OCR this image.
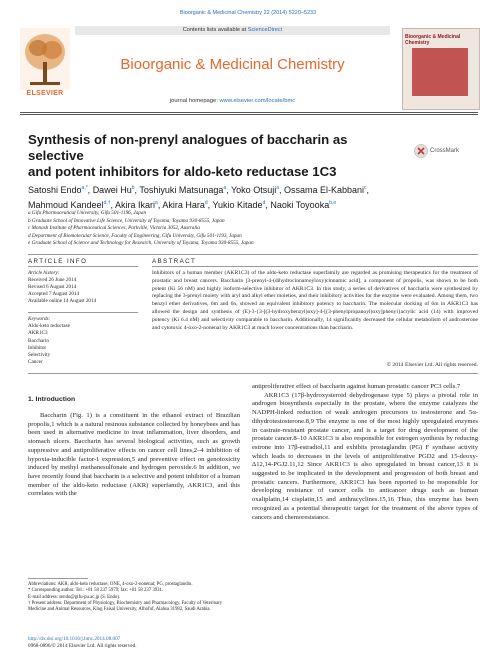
Bioorganic & Medicinal Chemistry 22 (2014) 5220–5233
Contents lists available at ScienceDirect
ELSEVIER
Bioorganic & Medicinal Chemistry
journal homepage: www.elsevier.com/locate/bmc
Bioorganic & Medicinal Chemistry
Synthesis of non-prenyl analogues of baccharin as selective
and potent inhibitors for aldo-keto reductase 1C3
CrossMark
Satoshi Endo$^{a,*}$, Dawei Hu$^b$, Toshiyuki Matsunaga$^a$, Yoko Otsuji$^a$, Ossama El-Kabbani$^c$,
Mahmoud Kandeel$^{d,\dagger}$, Akira Ikari$^a$, Akira Hara$^d$, Yukio Kitade$^d$, Naoki Toyooka$^{b,e}$
a Gifu Pharmaceutical University, Gifu 501-1196, Japan
b Graduate School of Innovative Life Science, University of Toyama, Toyama 930-8555, Japan
c Monash Institute of Pharmaceutical Sciences, Parkville, Victoria 3052, Australia
d Department of Biomolecular Science, Faculty of Engineering, Gifu University, Gifu 501-1193, Japan
e Graduate School of Science and Technology for Research, University of Toyama, Toyama 930-8555, Japan
ARTICLE INFO	ABSTRACT
Article history:
Received 26 June 2014
Revised 6 August 2014
Accepted 7 August 2014
Available online 14 August 2014
Keywords:
Aldo-keto reductase
AKR1C3
Baccharin
Inhibitor
Selectivity
Cancer
Inhibitors of a human member (AKR1C3) of the aldo-keto reductase superfamily are regarded as promising therapeutics for the treatment of prostatic and breast cancers. Baccharin [3-prenyl-4-(dihydrocinnamoyloxy)cinnamic acid], a component of propolis, was shown to be both potent (Ki 56 nM) and highly isoform-selective inhibitor of AKR1C3. In this study, a series of derivatives of baccharin were synthesized by replacing the 3-prenyl moiety with aryl and alkyl ether moieties, and their inhibitory activities for the enzyme were evaluated. Among them, two benzyl ether derivatives, 6m and 6n, showed an equivalent inhibitory potency to baccharin. The molecular docking of 6m in AKR1C3 has allowed the design and synthesis of (E)-3-{3-[(3-hydroxybenzyl)oxy]-4-[(3-phenylpropanoyl)oxy]phenyl}acrylic acid (14) with improved potency (Ki 6.4 nM) and selectivity comparable to baccharin. Additionally, 14 significantly decreased the cellular metabolism of androsterone and cytotoxic 4-oxo-2-nonenal by AKR1C3 at much lower concentrations than baccharin.
© 2014 Elsevier Ltd. All rights reserved.
1. Introduction

Baccharin (Fig. 1) is a constituent in the ethanol extract of Brazilian propolis,1 which is a natural resinous substance collected by honeybees and has been used in alternative medicine to treat inflammation, liver disorders, and stomach ulcers. Baccharin has several biological activities, such as growth suppressive and antiproliferative effects on cancer cell lines,2–4 inhibition of hypoxia-inducible factor-1 expression,5 and preventive effect on genotoxicity induced by methyl methanesulfonate and hydrogen peroxide.6 In addition, we have recently found that baccharin is a selective and potent inhibitor of a human member of the aldo-keto reductase (AKR) superfamily, AKR1C3, and this correlates with the

antiproliferative effect of baccharin against human prostatic cancer PC3 cells.7

AKR1C3 (17β-hydroxysteroid dehydrogenase type 5) plays a pivotal role in androgen biosynthesis especially in the prostate, where the enzyme catalyzes the NADPH-linked reduction of weak androgen precursors to testosterone and 5α-dihydrotestosterone.8,9 The enzyme is one of the most highly upregulated enzymes in castrate-resistant prostate cancer, and is a target for drug development of the prostate cancer.8–10 AKR1C3 is also responsible for estrogen synthesis by reducing estrone into 17β-estradiol,11 and exhibits prostaglandin (PG) F synthase activity which leads to decreases in the levels of antiproliferative PGD2 and 15-deoxy-Δ12,14-PGJ2.11,12 Since AKR1C3 is also upregulated in breast cancer,13 it is suggested to be implicated in the development and progression of both breast and prostatic cancers. Furthermore, AKR1C3 has been reported to be responsible for developing resistance of cancer cells to anticancer drugs such as human oxaliplatin,14 cisplatin,15 and anthracyclines.15,16 Thus, this enzyme has been recognized as a potential therapeutic target for the treatment of the above types of cancers and chemoresistance.

Abbreviations: AKR, aldo-keto reductase; ONE, 4-oxo-2-nonenal; PG, prostaglandin.
* Corresponding author. Tel.: +81 58 237 5979; fax: +81 58 237 3931.
E-mail address: sendo@gifu-pu.ac.jp (S. Endo).
† Present address: Department of Physiology, Biochemistry and Pharmacology, Faculty of Veterinary Medicine and Animal Resources, King Faisal University, Alhofuf, Alahsa 31982, Saudi Arabia.
http://dx.doi.org/10.1016/j.bmc.2014.08.007
0968-0896/© 2014 Elsevier Ltd. All rights reserved.
